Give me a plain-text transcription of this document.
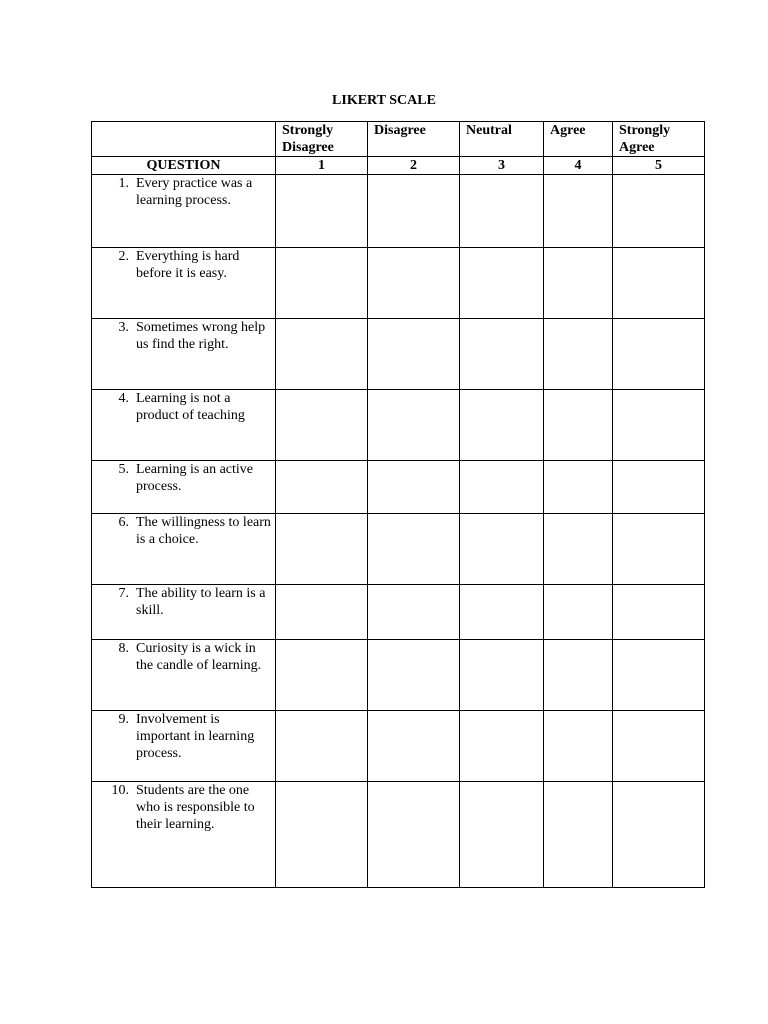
LIKERT SCALE
	Strongly Disagree	Disagree	Neutral	Agree	Strongly Agree
QUESTION	1	2	3	4	5

1. Every practice was a learning process.					

2. Everything is hard before it is easy.					

3. Sometimes wrong help us find the right.					

4. Learning is not a product of teaching					

5. Learning is an active process.					

6. The willingness to learn is a choice.					

7. The ability to learn is a skill.					

8. Curiosity is a wick in the candle of learning.					

9. Involvement is important in learning process.					

10. Students are the one who is responsible to their learning.					
